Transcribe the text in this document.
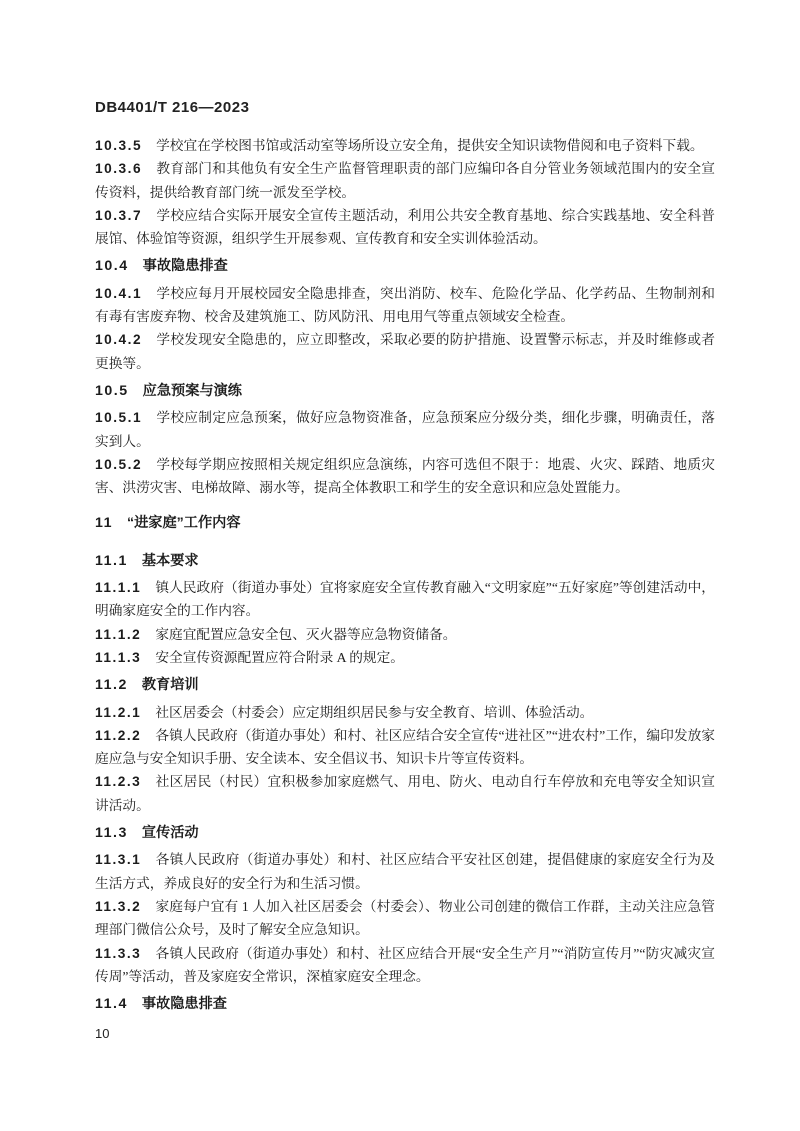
DB4401/T 216—2023

10.3.5 学校宜在学校图书馆或活动室等场所设立安全角，提供安全知识读物借阅和电子资料下载。

10.3.6 教育部门和其他负有安全生产监督管理职责的部门应编印各自分管业务领域范围内的安全宣传资料，提供给教育部门统一派发至学校。

10.3.7 学校应结合实际开展安全宣传主题活动，利用公共安全教育基地、综合实践基地、安全科普展馆、体验馆等资源，组织学生开展参观、宣传教育和安全实训体验活动。

10.4 事故隐患排查

10.4.1 学校应每月开展校园安全隐患排查，突出消防、校车、危险化学品、化学药品、生物制剂和有毒有害废弃物、校舍及建筑施工、防风防汛、用电用气等重点领域安全检查。

10.4.2 学校发现安全隐患的，应立即整改，采取必要的防护措施、设置警示标志，并及时维修或者更换等。

10.5 应急预案与演练

10.5.1 学校应制定应急预案，做好应急物资准备，应急预案应分级分类，细化步骤，明确责任，落实到人。

10.5.2 学校每学期应按照相关规定组织应急演练，内容可选但不限于：地震、火灾、踩踏、地质灾害、洪涝灾害、电梯故障、溺水等，提高全体教职工和学生的安全意识和应急处置能力。

11 “进家庭”工作内容
11.1 基本要求

11.1.1 镇人民政府（街道办事处）宜将家庭安全宣传教育融入“文明家庭”“五好家庭”等创建活动中，明确家庭安全的工作内容。

11.1.2 家庭宜配置应急安全包、灭火器等应急物资储备。

11.1.3 安全宣传资源配置应符合附录 A 的规定。

11.2 教育培训

11.2.1 社区居委会（村委会）应定期组织居民参与安全教育、培训、体验活动。

11.2.2 各镇人民政府（街道办事处）和村、社区应结合安全宣传“进社区”“进农村”工作，编印发放家庭应急与安全知识手册、安全读本、安全倡议书、知识卡片等宣传资料。

11.2.3 社区居民（村民）宜积极参加家庭燃气、用电、防火、电动自行车停放和充电等安全知识宣讲活动。

11.3 宣传活动

11.3.1 各镇人民政府（街道办事处）和村、社区应结合平安社区创建，提倡健康的家庭安全行为及生活方式，养成良好的安全行为和生活习惯。

11.3.2 家庭每户宜有 1 人加入社区居委会（村委会）、物业公司创建的微信工作群，主动关注应急管理部门微信公众号，及时了解安全应急知识。

11.3.3 各镇人民政府（街道办事处）和村、社区应结合开展“安全生产月”“消防宣传月”“防灾减灾宣传周”等活动，普及家庭安全常识，深植家庭安全理念。

11.4 事故隐患排查
10
